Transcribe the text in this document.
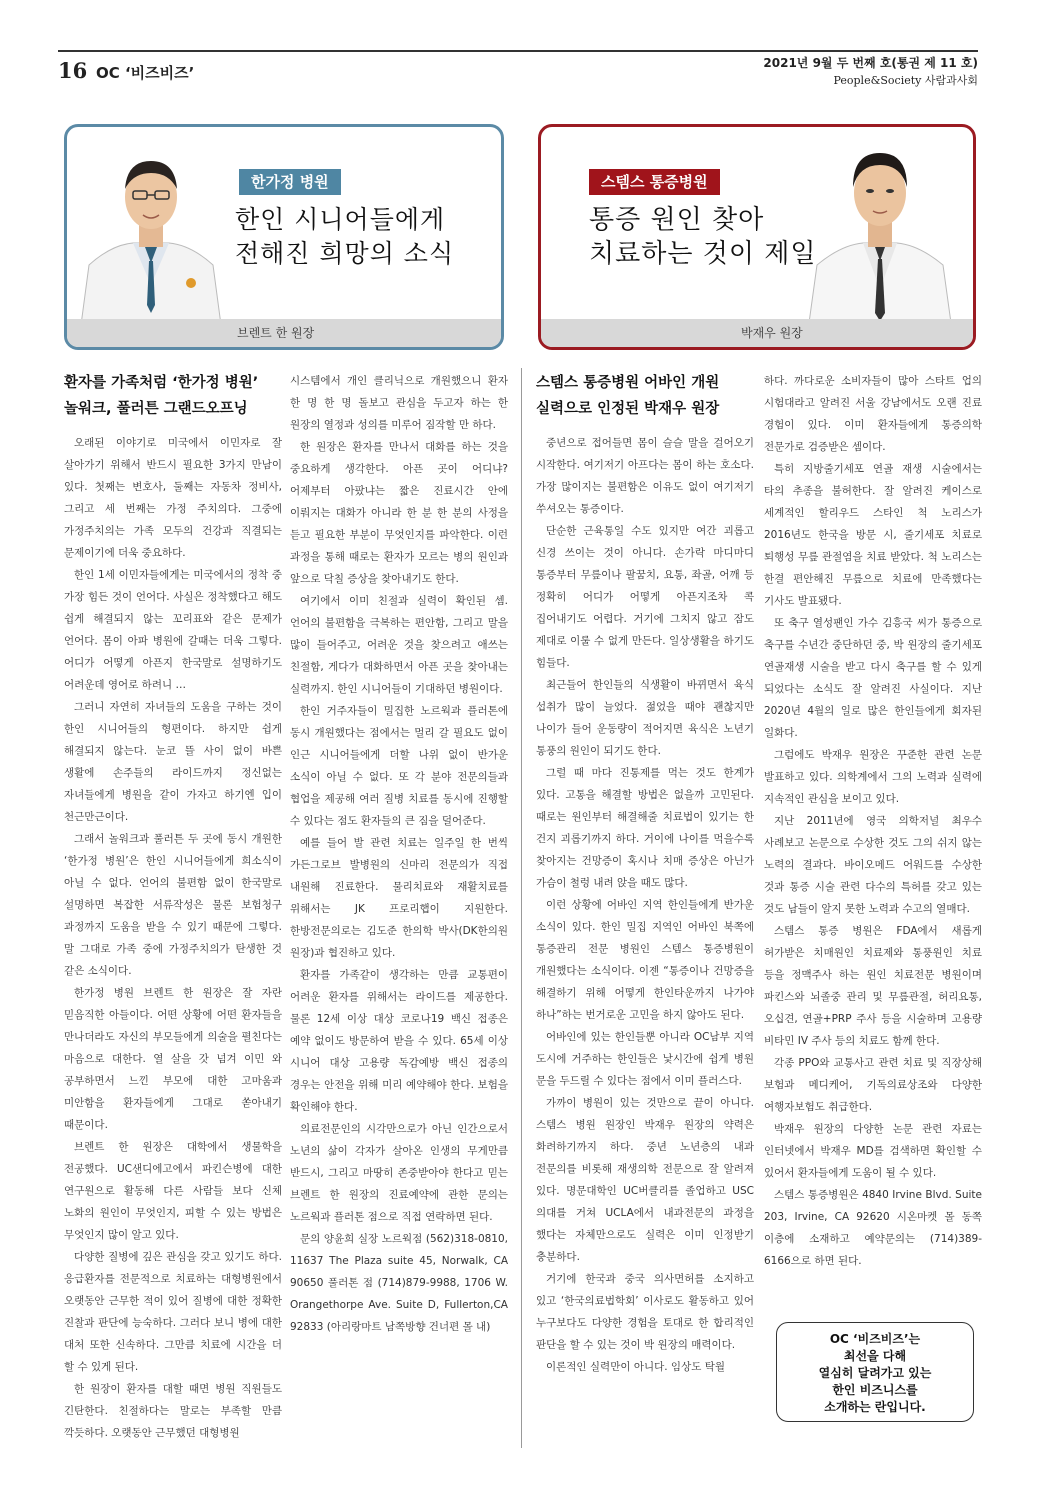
16 OC ‘비즈비즈’
2021년 9월 두 번째 호(통권 제 11 호)
People&Society 사람과사회
한가정 병원
한인 시니어들에게
전해진 희망의 소식
브렌트 한 원장
스템스 통증병원
통증 원인 찾아
치료하는 것이 제일
박재우 원장
환자를 가족처럼 ‘한가정 병원’
놀워크, 풀러튼 그랜드오프닝

오래된 이야기로 미국에서 이민자로 잘 살아가기 위해서 반드시 필요한 3가지 만남이 있다. 첫째는 변호사, 둘째는 자동차 정비사, 그리고 세 번째는 가정 주치의다. 그중에 가정주치의는 가족 모두의 건강과 직결되는 문제이기에 더욱 중요하다.

한인 1세 이민자들에게는 미국에서의 정착 중 가장 힘든 것이 언어다. 사실은 정착했다고 해도 쉽게 해결되지 않는 꼬리표와 같은 문제가 언어다. 몸이 아파 병원에 갈때는 더욱 그렇다. 어디가 어떻게 아픈지 한국말로 설명하기도 어려운데 영어로 하려니 …

그러니 자연히 자녀들의 도움을 구하는 것이 한인 시니어들의 형편이다. 하지만 쉽게 해결되지 않는다. 눈코 뜰 사이 없이 바쁜 생활에 손주들의 라이드까지 정신없는 자녀들에게 병원을 같이 가자고 하기엔 입이 천근만근이다.

그래서 놀워크과 풀러튼 두 곳에 동시 개원한 ‘한가정 병원’은 한인 시니어들에게 희소식이 아닐 수 없다. 언어의 불편함 없이 한국말로 설명하면 복잡한 서류작성은 물론 보험청구 과정까지 도움을 받을 수 있기 때문에 그렇다. 말 그대로 가족 중에 가정주치의가 탄생한 것 같은 소식이다.

한가정 병원 브렌트 한 원장은 잘 자란 믿음직한 아들이다. 어떤 상황에 어떤 환자들을 만나더라도 자신의 부모들에게 의술을 펼친다는 마음으로 대한다. 열 살을 갓 넘겨 이민 와 공부하면서 느낀 부모에 대한 고마움과 미안함을 환자들에게 그대로 쏟아내기 때문이다.

브렌트 한 원장은 대학에서 생물학을 전공했다. UC샌디에고에서 파킨슨병에 대한 연구원으로 활동해 다른 사람들 보다 신체 노화의 원인이 무엇인지, 피할 수 있는 방법은 무엇인지 많이 알고 있다.

다양한 질병에 깊은 관심을 갖고 있기도 하다. 응급환자를 전문적으로 치료하는 대형병원에서 오랫동안 근무한 적이 있어 질병에 대한 정확한 진찰과 판단에 능숙하다. 그러다 보니 병에 대한 대처 또한 신속하다. 그만큼 치료에 시간을 더 할 수 있게 된다.

한 원장이 환자를 대할 때면 병원 직원들도 긴탄한다. 친절하다는 말로는 부족할 만큼 깍듯하다. 오랫동안 근무했던 대형병원

시스템에서 개인 클리닉으로 개원했으니 환자 한 명 한 명 돌보고 관심을 두고자 하는 한 원장의 열정과 성의를 미루어 짐작할 만 하다.

한 원장은 환자를 만나서 대화를 하는 것을 중요하게 생각한다. 아픈 곳이 어디냐? 어제부터 아팠냐는 짧은 진료시간 안에 이뤄지는 대화가 아니라 한 분 한 분의 사정을 듣고 필요한 부분이 무엇인지를 파악한다. 이런 과정을 통해 때로는 환자가 모르는 병의 원인과 앞으로 닥칠 증상을 찾아내기도 한다.

여기에서 이미 친절과 실력이 확인된 셈. 언어의 불편함을 극복하는 편안함, 그리고 말을 많이 들어주고, 어려운 것을 찾으려고 애쓰는 친절함, 게다가 대화하면서 아픈 곳을 찾아내는 실력까지. 한인 시니어들이 기대하던 병원이다.

한인 거주자들이 밀집한 노르웍과 플러톤에 동시 개원했다는 점에서는 멀리 갈 필요도 없이 인근 시니어들에게 더할 나위 없이 반가운 소식이 아닐 수 없다. 또 각 분야 전문의들과 협업을 제공해 여러 질병 치료를 동시에 진행할 수 있다는 점도 환자들의 큰 짐을 덜어준다.

예를 들어 발 관련 치료는 일주일 한 번씩 가든그로브 발병원의 신마리 전문의가 직접 내원해 진료한다. 물리치료와 재활치료를 위해서는 JK 프로리햅이 지원한다. 한방전문의로는 김도준 한의학 박사(DK한의원 원장)과 협진하고 있다.

환자를 가족같이 생각하는 만큼 교통편이 어려운 환자를 위해서는 라이드를 제공한다. 물론 12세 이상 대상 코로나19 백신 접종은 예약 없이도 방문하여 받을 수 있다. 65세 이상 시니어 대상 고용량 독감예방 백신 접종의 경우는 안전을 위해 미리 예약해야 한다. 보험을 확인해야 한다.

의료전문인의 시각만으로가 아닌 인간으로서 노년의 삶이 각자가 살아온 인생의 무게만큼 반드시, 그리고 마땅히 존중받아야 한다고 믿는 브렌트 한 원장의 진료예약에 관한 문의는 노르웍과 플러톤 점으로 직접 연락하면 된다.

문의 양윤희 실장 노르웍점 (562)318-0810, 11637 The Plaza suite 45, Norwalk, CA 90650 풀러톤 점 (714)879-9988, 1706 W. Orangethorpe Ave. Suite D, Fullerton,CA 92833 (아리랑마트 남쪽방향 건너편 몰 내)

스템스 통증병원 어바인 개원
실력으로 인정된 박재우 원장

중년으로 접어들면 몸이 슬슬 말을 걸어오기 시작한다. 여기저기 아프다는 몸이 하는 호소다. 가장 많이지는 불편함은 이유도 없이 여기저기 쑤셔오는 통증이다.

단순한 근육통일 수도 있지만 여간 괴롭고 신경 쓰이는 것이 아니다. 손가락 마디마디 통증부터 무릎이나 팔꿈치, 요통, 좌골, 어깨 등 정확히 어디가 어떻게 아픈지조차 콕 집어내기도 어렵다. 거기에 그치지 않고 잠도 제대로 이룰 수 없게 만든다. 일상생활을 하기도 힘들다.

최근들어 한인들의 식생활이 바뀌면서 육식 섭취가 많이 늘었다. 젊었을 때야 괜찮지만 나이가 들어 운동량이 적어지면 육식은 노년기 통풍의 원인이 되기도 한다.

그럴 때 마다 진통제를 먹는 것도 한계가 있다. 고통을 해결할 방법은 없을까 고민된다. 때로는 원인부터 해결해줄 치료법이 있기는 한 건지 괴롭기까지 하다. 거이에 나이를 먹을수록 찾아지는 건망증이 혹시나 치매 증상은 아닌가 가슴이 철렁 내려 앉을 때도 많다.

이런 상황에 어바인 지역 한인들에게 반가운 소식이 있다. 한인 밀집 지역인 어바인 북쪽에 통증관리 전문 병원인 스템스 통증병원이 개원했다는 소식이다. 이젠 “통증이나 건망증을 해결하기 위해 어떻게 한인타운까지 나가야 하나”하는 번거로운 고민을 하지 않아도 된다.

어바인에 있는 한인들뿐 아니라 OC남부 지역 도시에 거주하는 한인들은 낯시간에 쉽게 병원 문을 두드릴 수 있다는 점에서 이미 플러스다.

가까이 병원이 있는 것만으로 끝이 아니다. 스템스 병원 원장인 박재우 원장의 약력은 화려하기까지 하다. 중년 노년층의 내과 전문의를 비롯해 재생의학 전문으로 잘 알려져 있다. 명문대학인 UC버클리를 졸업하고 USC 의대를 거쳐 UCLA에서 내과전문의 과정을 했다는 자체만으로도 실력은 이미 인정받기 충분하다.

거기에 한국과 중국 의사면허를 소지하고 있고 ‘한국의료법학회’ 이사로도 활동하고 있어 누구보다도 다양한 경험을 토대로 한 합리적인 판단을 할 수 있는 것이 박 원장의 매력이다.

이론적인 실력만이 아니다. 임상도 탁월

하다. 까다로운 소비자들이 많아 스타트 업의 시험대라고 알려진 서울 강남에서도 오랜 진료 경험이 있다. 이미 환자들에게 통증의학 전문가로 검증받은 셈이다.

특히 지방줄기세포 연골 재생 시술에서는 타의 추종을 불허한다. 잘 알려진 케이스로 세계적인 할리우드 스타인 척 노리스가 2016년도 한국을 방문 시, 줄기세포 치료로 퇴행성 무릎 관절염을 치료 받았다. 척 노리스는 한결 편안해진 무릎으로 치료에 만족했다는 기사도 발표됐다.

또 축구 열성팬인 가수 김흥국 씨가 통증으로 축구를 수년간 중단하던 중, 박 원장의 줄기세포 연골재생 시술을 받고 다시 축구를 할 수 있게 되었다는 소식도 잘 알려진 사실이다. 지난 2020년 4월의 일로 많은 한인들에게 회자된 일화다.

그럼에도 박재우 원장은 꾸준한 관련 논문 발표하고 있다. 의학계에서 그의 노력과 실력에 지속적인 관심을 보이고 있다.

지난 2011년에 영국 의학저널 최우수 사례보고 논문으로 수상한 것도 그의 쉬지 않는 노력의 결과다. 바이오메드 어워드를 수상한 것과 통증 시술 관련 다수의 특허를 갖고 있는 것도 남들이 알지 못한 노력과 수고의 열매다.

스템스 통증 병원은 FDA에서 새롭게 허가받은 치매원인 치료제와 통풍원인 치료 등을 정맥주사 하는 원인 치료전문 병원이며 파킨스와 뇌졸중 관리 및 무릎관절, 허리요통, 오십견, 연골+PRP 주사 등을 시술하며 고용량 비타민 IV 주사 등의 치료도 함께 한다.

각종 PPO와 교통사고 관련 치료 및 직장상해 보험과 메디케어, 기독의료상조와 다양한 여행자보험도 취급한다.

박재우 원장의 다양한 논문 관련 자료는 인터넷에서 박재우 MD를 검색하면 확인할 수 있어서 환자들에게 도움이 될 수 있다.

스템스 통증병원은 4840 Irvine Blvd. Suite 203, Irvine, CA 92620 시온마켓 몰 동쪽 이층에 소재하고 예약문의는 (714)389-6166으로 하면 된다.

OC ‘비즈비즈’는
최선을 다해
열심히 달려가고 있는
한인 비즈니스를
소개하는 란입니다.
